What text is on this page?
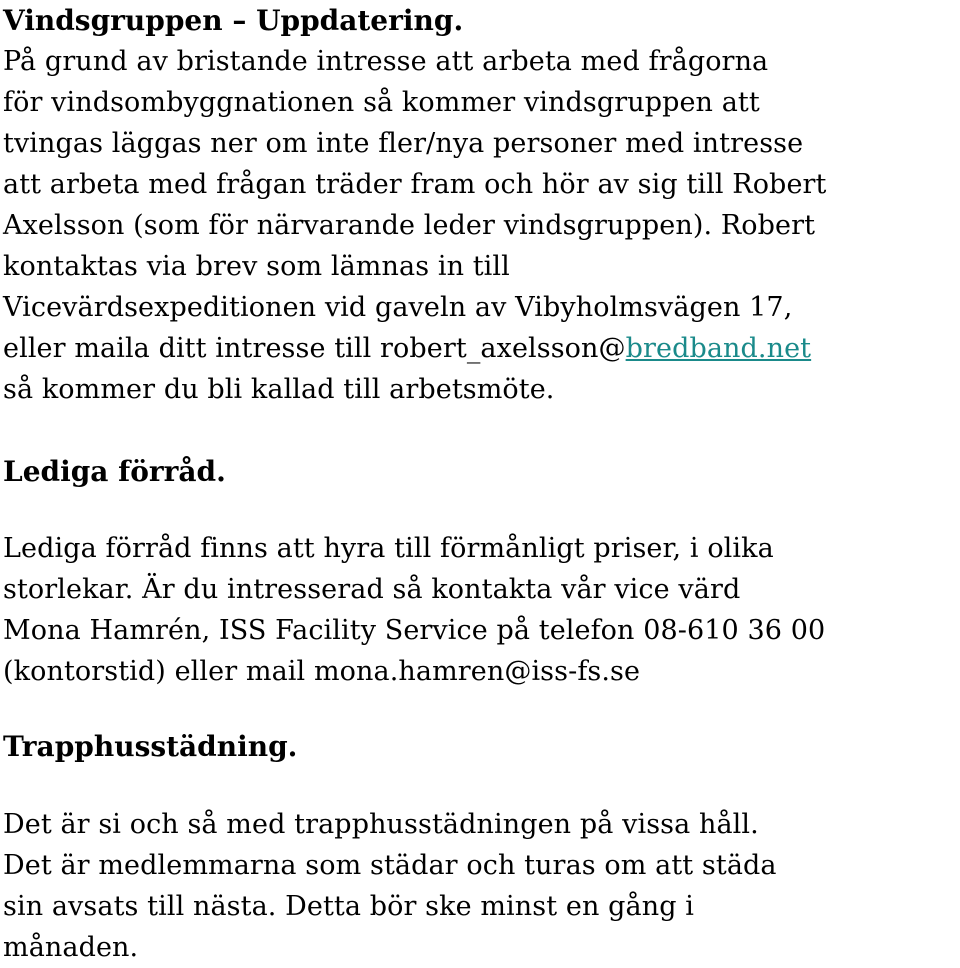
Vindsgruppen – Uppdatering.

På grund av bristande intresse att arbeta med frågorna
för vindsombyggnationen så kommer vindsgruppen att
tvingas läggas ner om inte fler/nya personer med intresse
att arbeta med frågan träder fram och hör av sig till Robert
Axelsson (som för närvarande leder vindsgruppen). Robert
kontaktas via brev som lämnas in till
Vicevärdsexpeditionen vid gaveln av Vibyholmsvägen 17,
eller maila ditt intresse till robert_axelsson@bredband.net
så kommer du bli kallad till arbetsmöte.

Lediga förråd.

Lediga förråd finns att hyra till förmånligt priser, i olika
storlekar. Är du intresserad så kontakta vår vice värd
Mona Hamrén, ISS Facility Service på telefon 08-610 36 00
(kontorstid) eller mail mona.hamren@iss-fs.se

Trapphusstädning.

Det är si och så med trapphusstädningen på vissa håll.
Det är medlemmarna som städar och turas om att städa
sin avsats till nästa. Detta bör ske minst en gång i
månaden.
